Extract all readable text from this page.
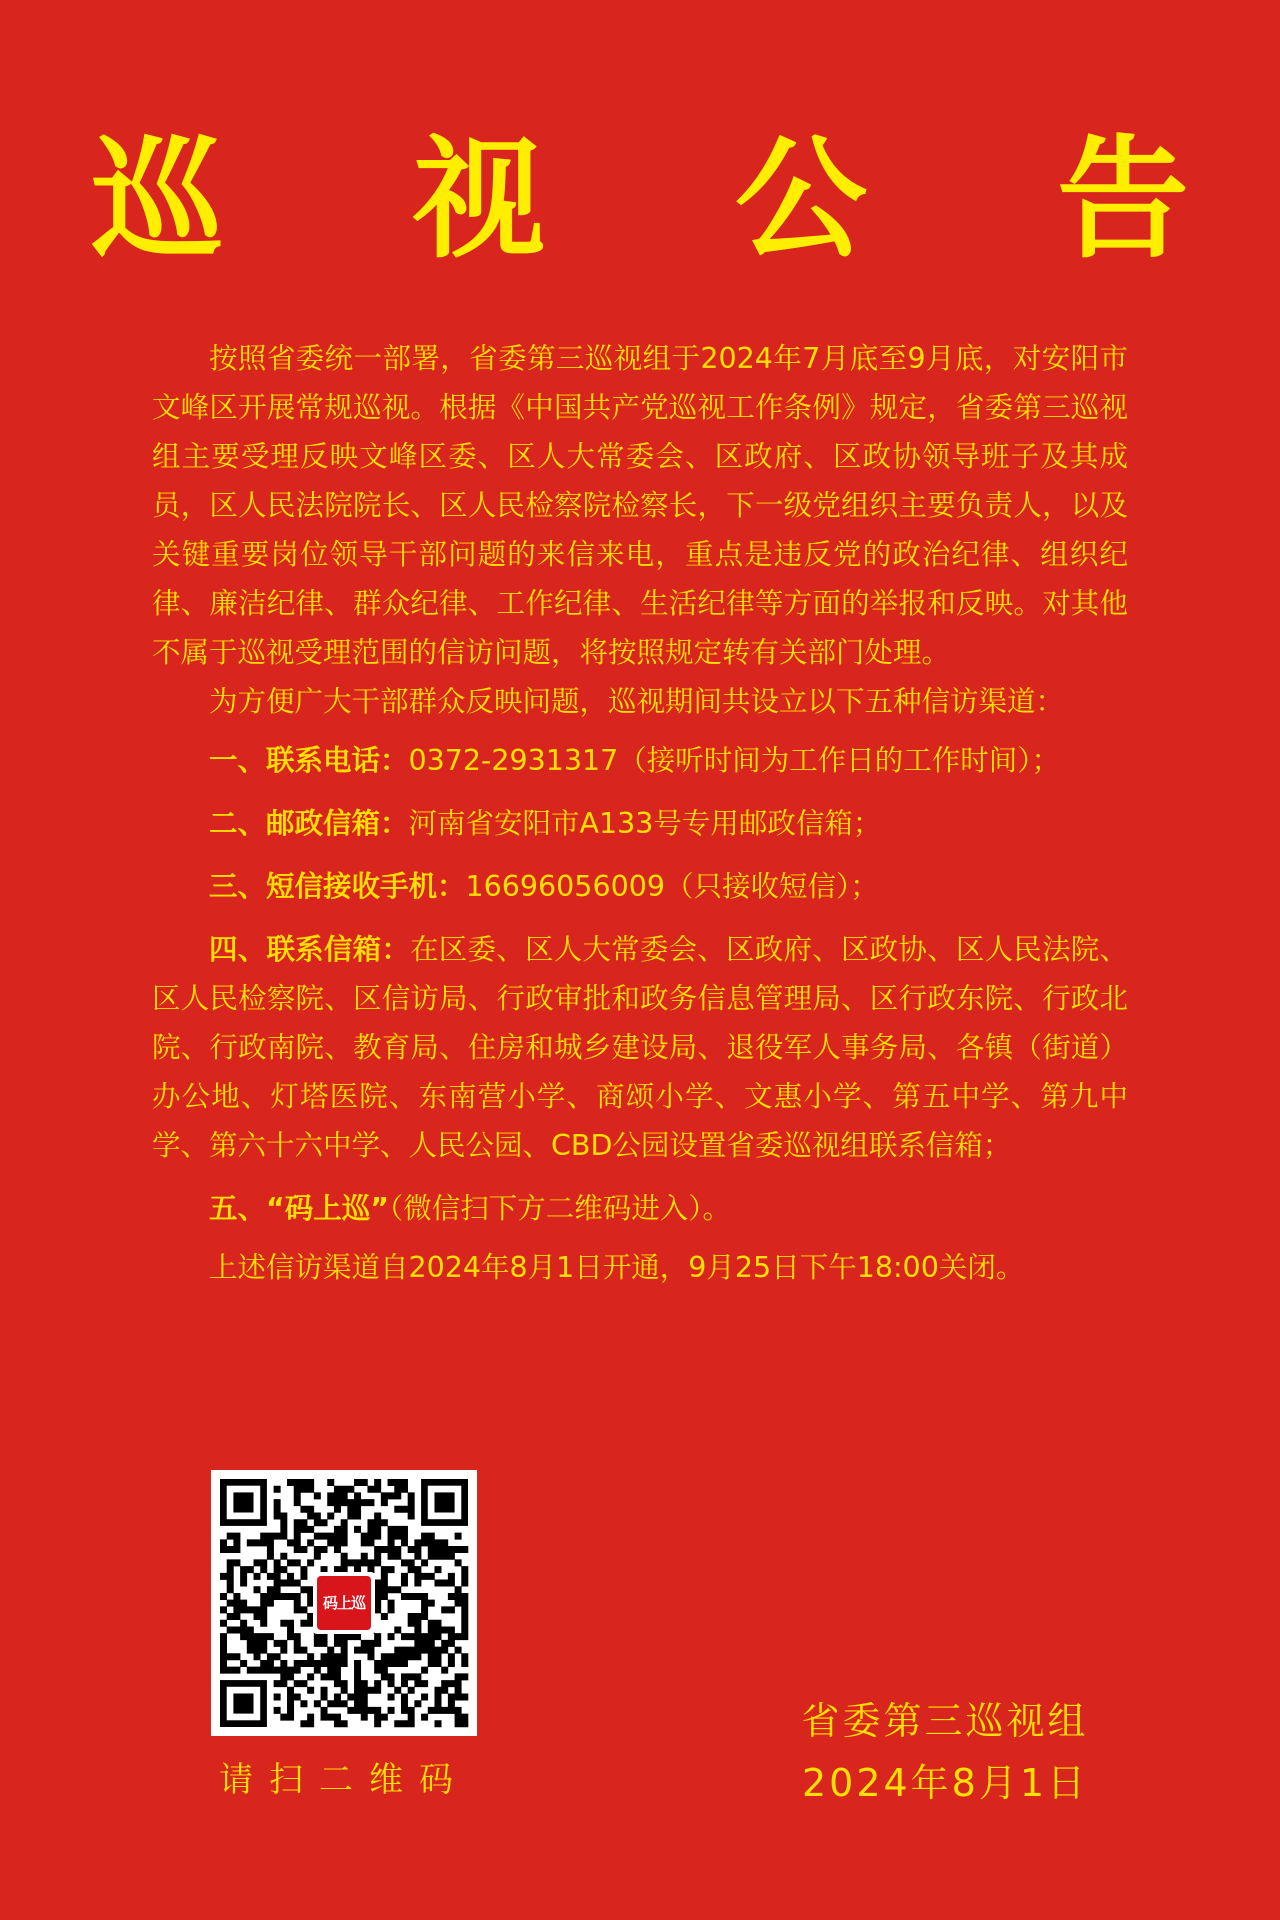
巡 视 公 告

按照省委统一部署，省委第三巡视组于2024年7月底至9月底，对安阳市文峰区开展常规巡视。根据《中国共产党巡视工作条例》规定，省委第三巡视组主要受理反映文峰区委、区人大常委会、区政府、区政协领导班子及其成员，区人民法院院长、区人民检察院检察长，下一级党组织主要负责人，以及关键重要岗位领导干部问题的来信来电，重点是违反党的政治纪律、组织纪律、廉洁纪律、群众纪律、工作纪律、生活纪律等方面的举报和反映。对其他不属于巡视受理范围的信访问题，将按照规定转有关部门处理。

为方便广大干部群众反映问题，巡视期间共设立以下五种信访渠道：

一、联系电话：0372-2931317（接听时间为工作日的工作时间）；

二、邮政信箱：河南省安阳市A133号专用邮政信箱；

三、短信接收手机：16696056009（只接收短信）；

四、联系信箱：在区委、区人大常委会、区政府、区政协、区人民法院、区人民检察院、区信访局、行政审批和政务信息管理局、区行政东院、行政北院、行政南院、教育局、住房和城乡建设局、退役军人事务局、各镇（街道）办公地、灯塔医院、东南营小学、商颂小学、文惠小学、第五中学、第九中学、第六十六中学、人民公园、CBD公园设置省委巡视组联系信箱；

五、“码上巡”（微信扫下方二维码进入）。

上述信访渠道自2024年8月1日开通，9月25日下午18:00关闭。

码上巡
请扫二维码
省委第三巡视组
2024年8月1日
